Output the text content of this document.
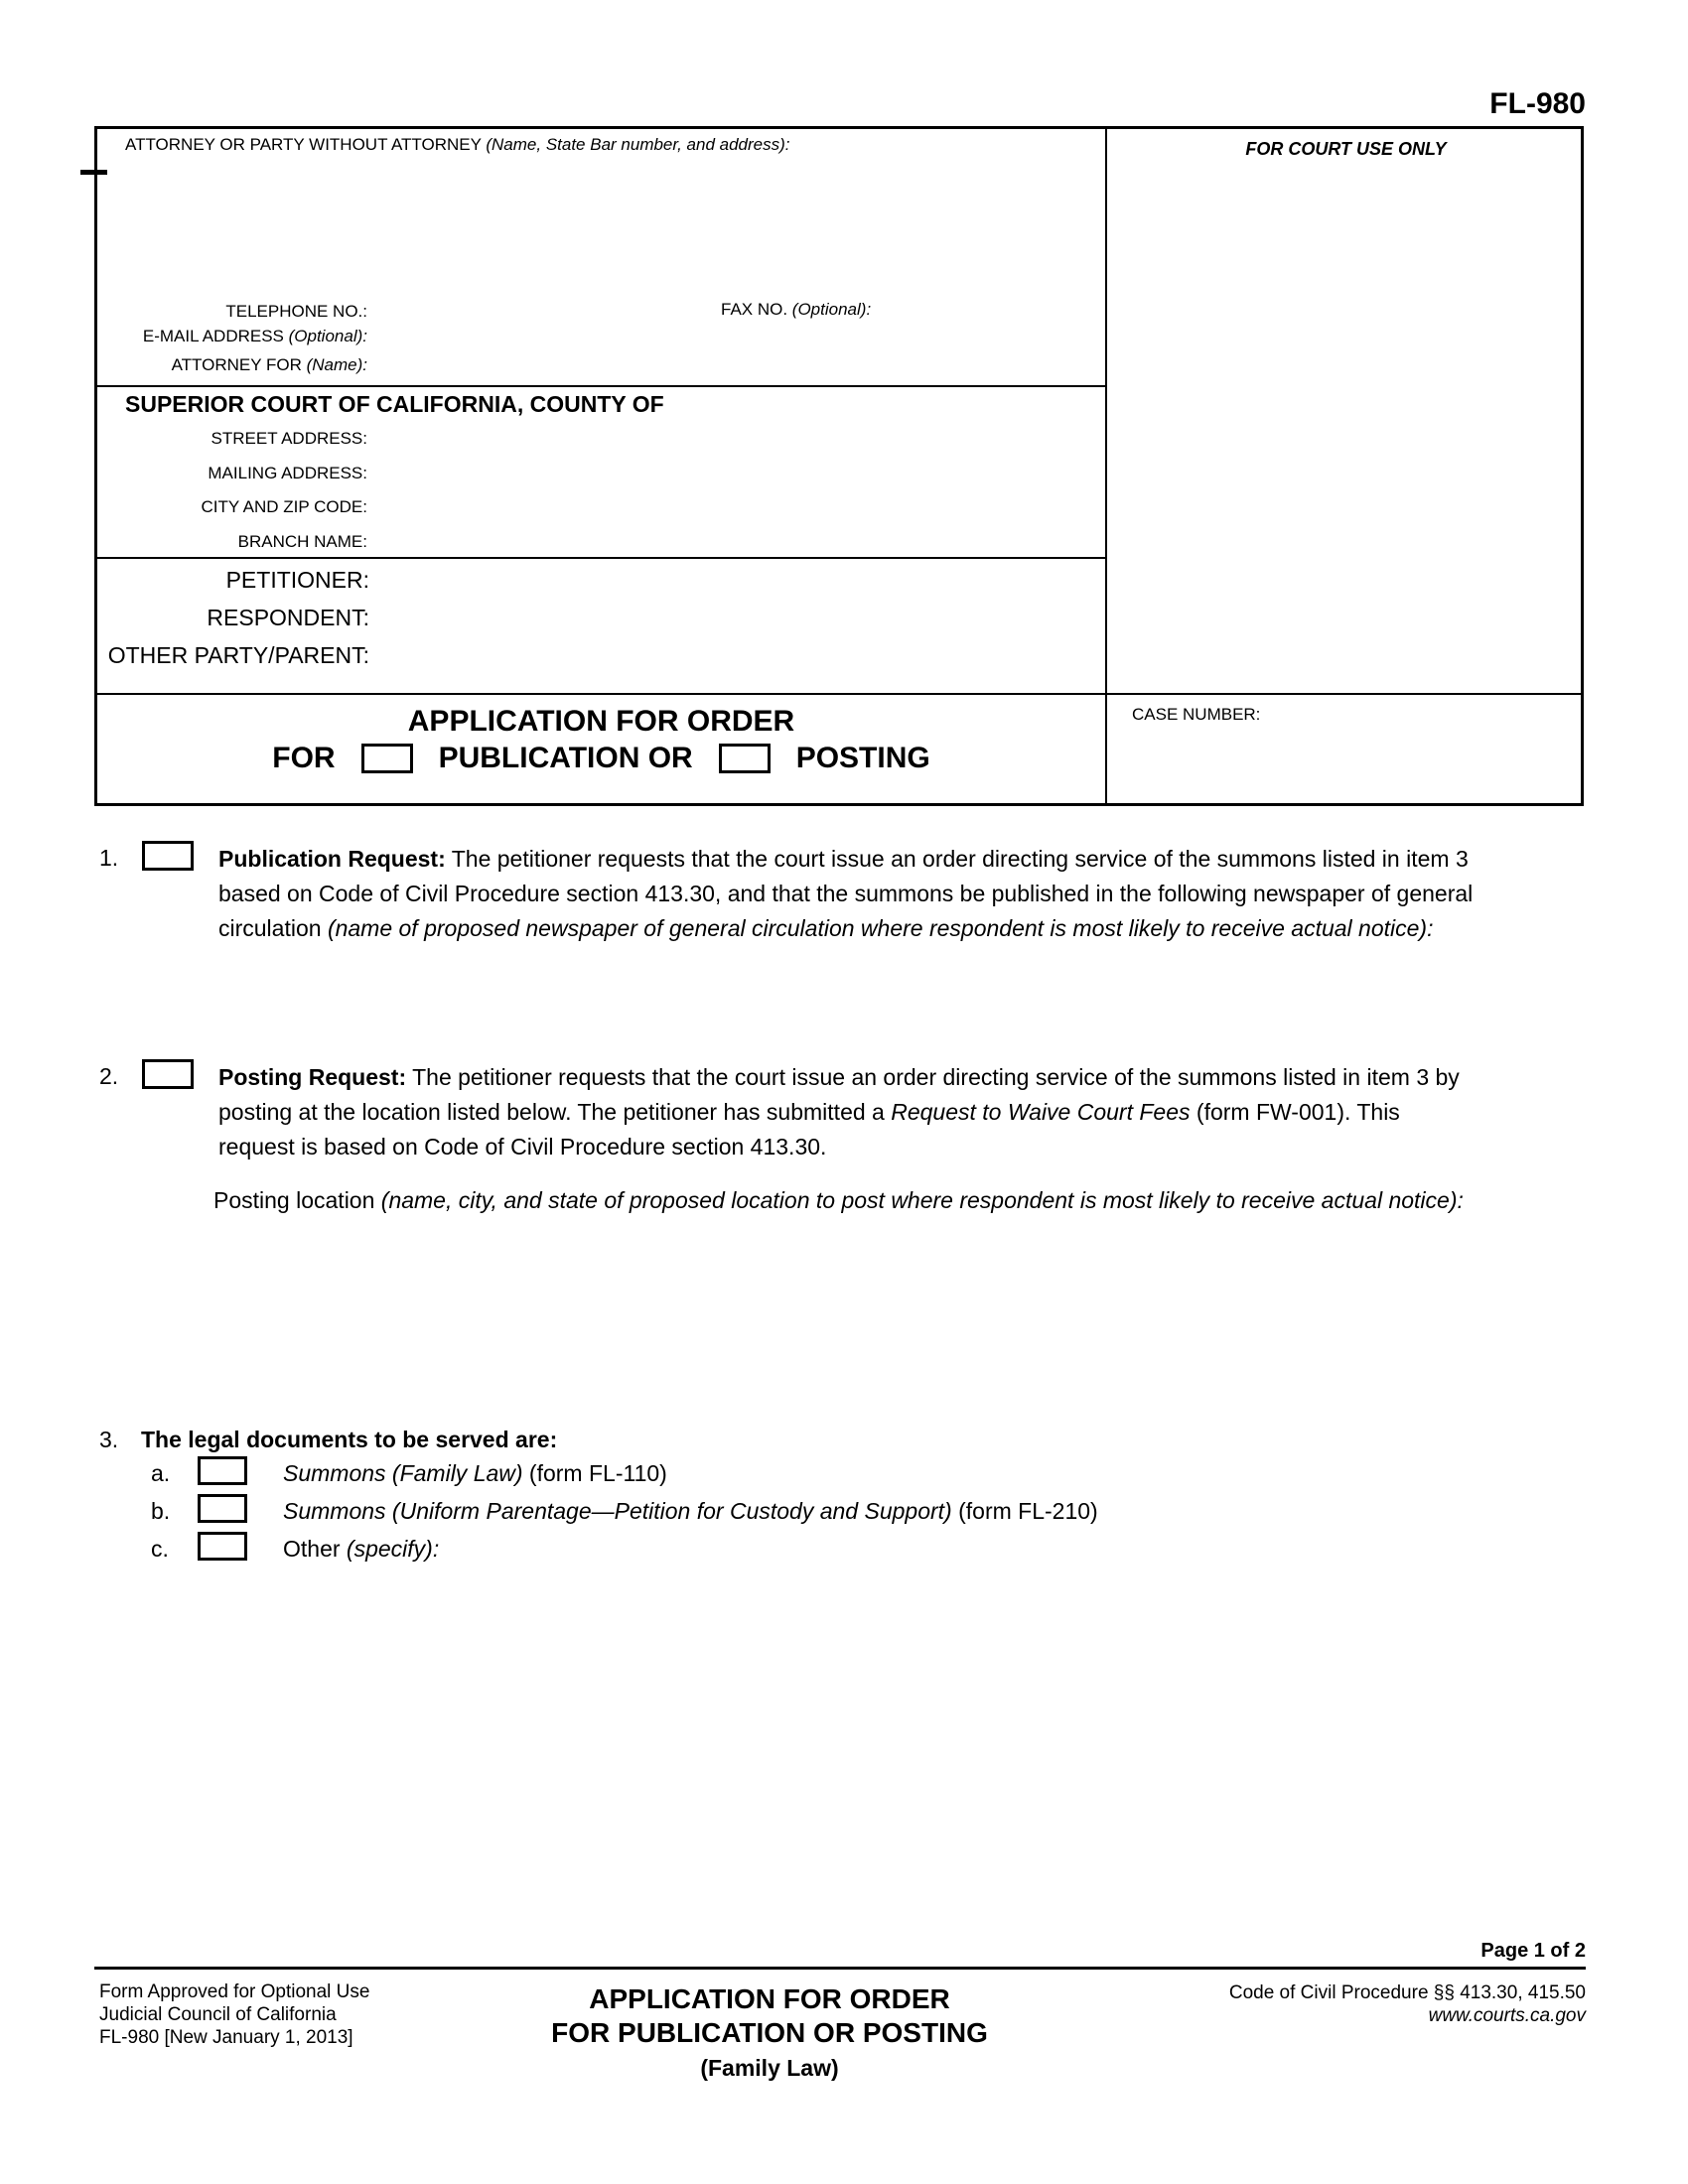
FL-980
ATTORNEY OR PARTY WITHOUT ATTORNEY (Name, State Bar number, and address):
TELEPHONE NO.:
E-MAIL ADDRESS (Optional):
ATTORNEY FOR (Name):
FAX NO. (Optional):
SUPERIOR COURT OF CALIFORNIA, COUNTY OF
STREET ADDRESS:
MAILING ADDRESS:
CITY AND ZIP CODE:
BRANCH NAME:
PETITIONER:
RESPONDENT:
OTHER PARTY/PARENT:
APPLICATION FOR ORDER
FOR	PUBLICATION OR	POSTING
FOR COURT USE ONLY
CASE NUMBER:
1.	Publication Request: The petitioner requests that the court issue an order directing service of the summons listed in item 3
based on Code of Civil Procedure section 413.30, and that the summons be published in the following newspaper of general
circulation (name of proposed newspaper of general circulation where respondent is most likely to receive actual notice):
2.	Posting Request: The petitioner requests that the court issue an order directing service of the summons listed in item 3 by
posting at the location listed below. The petitioner has submitted a Request to Waive Court Fees (form FW-001). This
request is based on Code of Civil Procedure section 413.30.
Posting location (name, city, and state of proposed location to post where respondent is most likely to receive actual notice):
3. The legal documents to be served are:
a.	Summons (Family Law) (form FL-110)
b.	Summons (Uniform Parentage—Petition for Custody and Support) (form FL-210)
c.	Other (specify):
Page 1 of 2
Form Approved for Optional Use
Judicial Council of California
FL-980 [New January 1, 2013]
APPLICATION FOR ORDER
FOR PUBLICATION OR POSTING
(Family Law)
Code of Civil Procedure §§ 413.30, 415.50
www.courts.ca.gov
